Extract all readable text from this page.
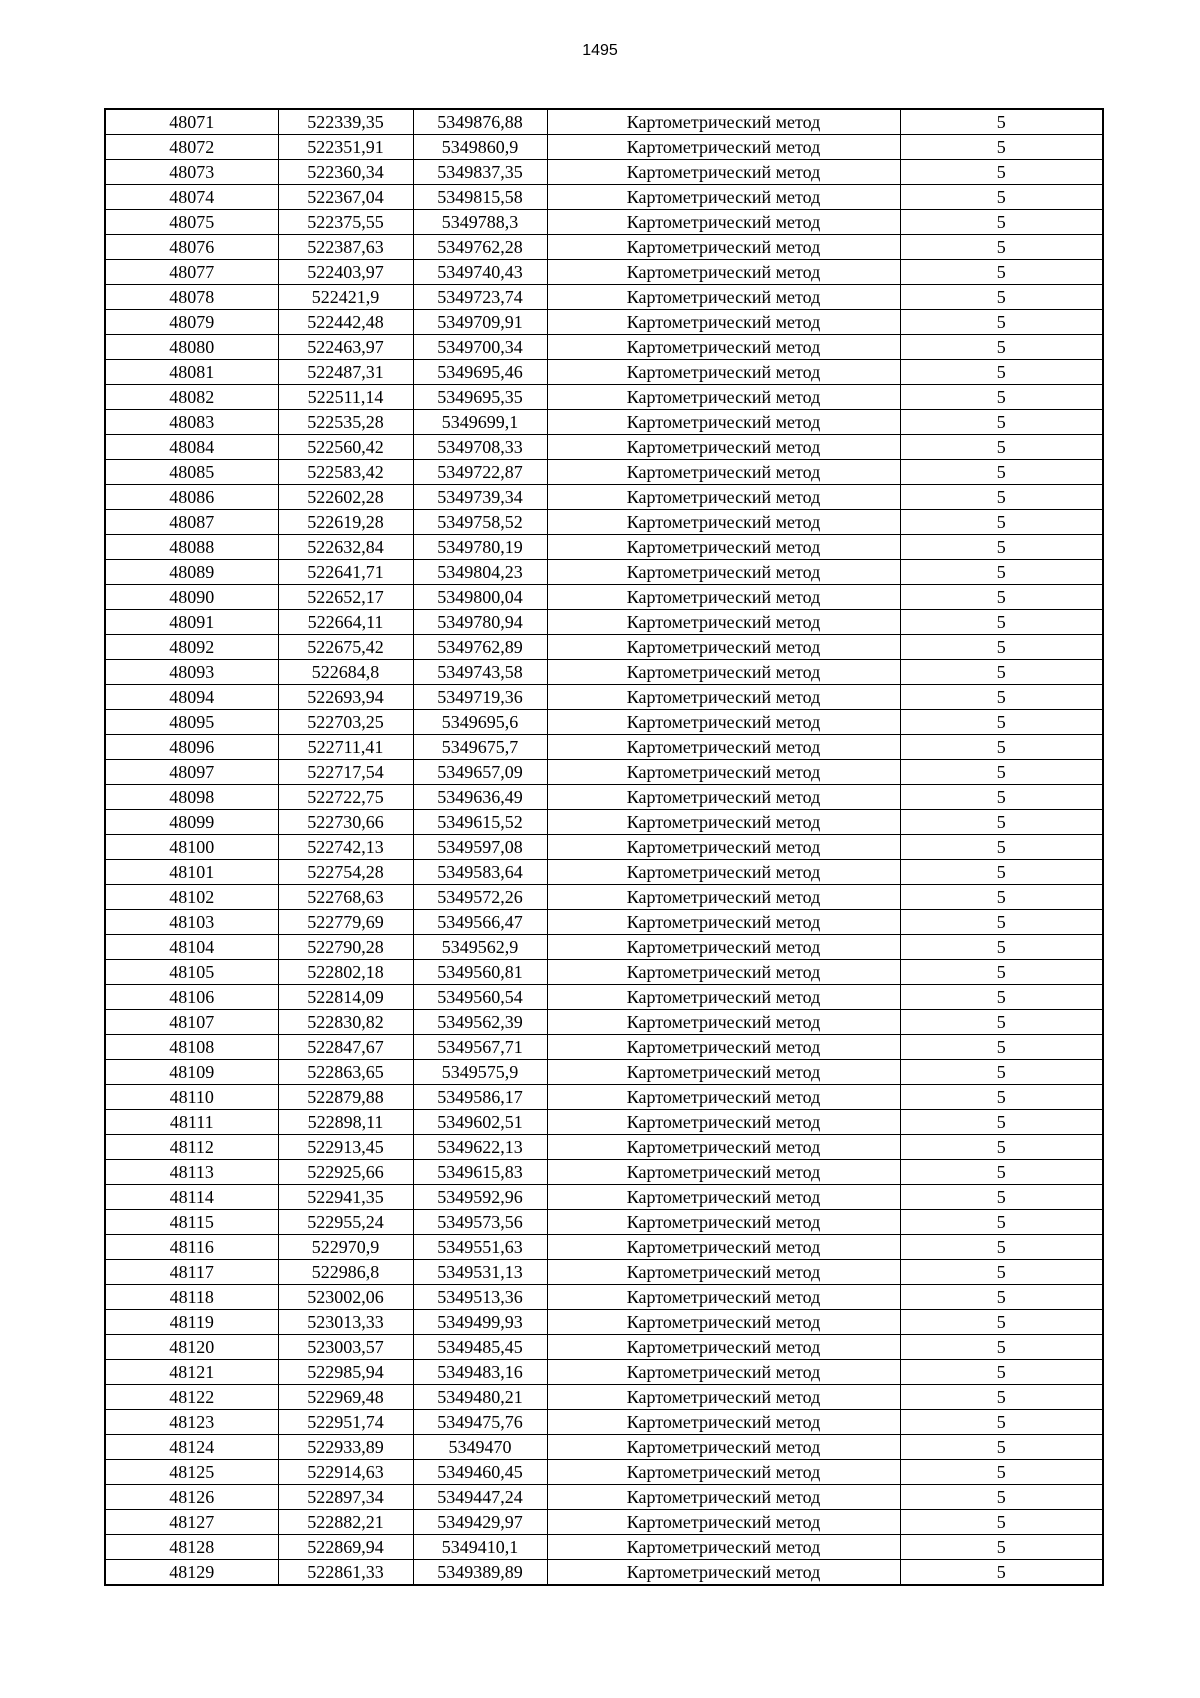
1495
48071	522339,35	5349876,88	Картометрический метод	5
48072	522351,91	5349860,9	Картометрический метод	5
48073	522360,34	5349837,35	Картометрический метод	5
48074	522367,04	5349815,58	Картометрический метод	5
48075	522375,55	5349788,3	Картометрический метод	5
48076	522387,63	5349762,28	Картометрический метод	5
48077	522403,97	5349740,43	Картометрический метод	5
48078	522421,9	5349723,74	Картометрический метод	5
48079	522442,48	5349709,91	Картометрический метод	5
48080	522463,97	5349700,34	Картометрический метод	5
48081	522487,31	5349695,46	Картометрический метод	5
48082	522511,14	5349695,35	Картометрический метод	5
48083	522535,28	5349699,1	Картометрический метод	5
48084	522560,42	5349708,33	Картометрический метод	5
48085	522583,42	5349722,87	Картометрический метод	5
48086	522602,28	5349739,34	Картометрический метод	5
48087	522619,28	5349758,52	Картометрический метод	5
48088	522632,84	5349780,19	Картометрический метод	5
48089	522641,71	5349804,23	Картометрический метод	5
48090	522652,17	5349800,04	Картометрический метод	5
48091	522664,11	5349780,94	Картометрический метод	5
48092	522675,42	5349762,89	Картометрический метод	5
48093	522684,8	5349743,58	Картометрический метод	5
48094	522693,94	5349719,36	Картометрический метод	5
48095	522703,25	5349695,6	Картометрический метод	5
48096	522711,41	5349675,7	Картометрический метод	5
48097	522717,54	5349657,09	Картометрический метод	5
48098	522722,75	5349636,49	Картометрический метод	5
48099	522730,66	5349615,52	Картометрический метод	5
48100	522742,13	5349597,08	Картометрический метод	5
48101	522754,28	5349583,64	Картометрический метод	5
48102	522768,63	5349572,26	Картометрический метод	5
48103	522779,69	5349566,47	Картометрический метод	5
48104	522790,28	5349562,9	Картометрический метод	5
48105	522802,18	5349560,81	Картометрический метод	5
48106	522814,09	5349560,54	Картометрический метод	5
48107	522830,82	5349562,39	Картометрический метод	5
48108	522847,67	5349567,71	Картометрический метод	5
48109	522863,65	5349575,9	Картометрический метод	5
48110	522879,88	5349586,17	Картометрический метод	5
48111	522898,11	5349602,51	Картометрический метод	5
48112	522913,45	5349622,13	Картометрический метод	5
48113	522925,66	5349615,83	Картометрический метод	5
48114	522941,35	5349592,96	Картометрический метод	5
48115	522955,24	5349573,56	Картометрический метод	5
48116	522970,9	5349551,63	Картометрический метод	5
48117	522986,8	5349531,13	Картометрический метод	5
48118	523002,06	5349513,36	Картометрический метод	5
48119	523013,33	5349499,93	Картометрический метод	5
48120	523003,57	5349485,45	Картометрический метод	5
48121	522985,94	5349483,16	Картометрический метод	5
48122	522969,48	5349480,21	Картометрический метод	5
48123	522951,74	5349475,76	Картометрический метод	5
48124	522933,89	5349470	Картометрический метод	5
48125	522914,63	5349460,45	Картометрический метод	5
48126	522897,34	5349447,24	Картометрический метод	5
48127	522882,21	5349429,97	Картометрический метод	5
48128	522869,94	5349410,1	Картометрический метод	5
48129	522861,33	5349389,89	Картометрический метод	5
